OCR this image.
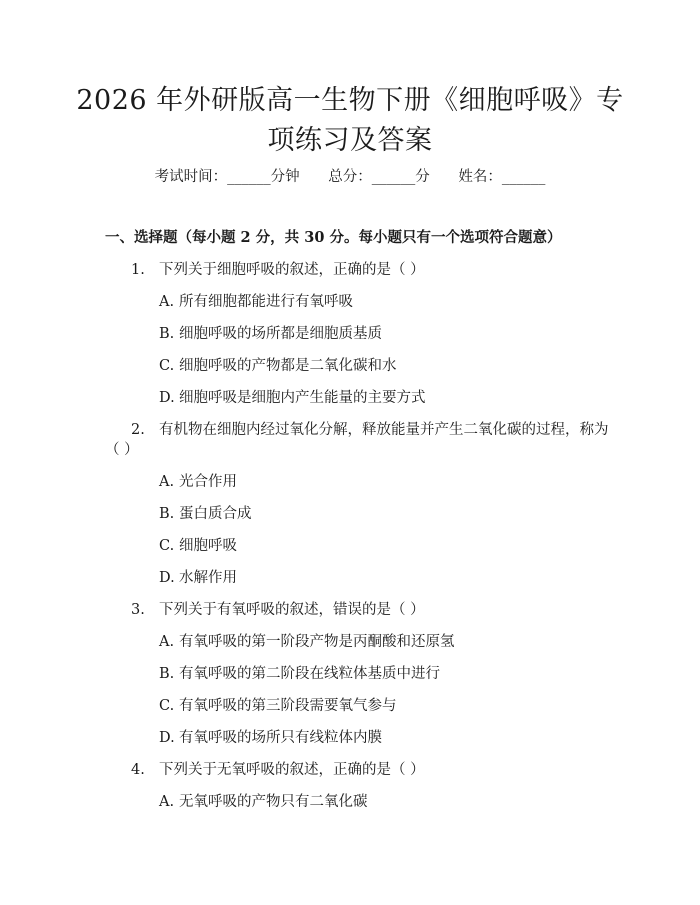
2026 年外研版高一生物下册《细胞呼吸》专
项练习及答案
考试时间：______分钟 总分：______分 姓名：______
一、选择题（每小题 2 分，共 30 分。每小题只有一个选项符合题意）
1. 下列关于细胞呼吸的叙述，正确的是（ ）
A. 所有细胞都能进行有氧呼吸
B. 细胞呼吸的场所都是细胞质基质
C. 细胞呼吸的产物都是二氧化碳和水
D. 细胞呼吸是细胞内产生能量的主要方式
2. 有机物在细胞内经过氧化分解，释放能量并产生二氧化碳的过程，称为
（ ）
A. 光合作用
B. 蛋白质合成
C. 细胞呼吸
D. 水解作用
3. 下列关于有氧呼吸的叙述，错误的是（ ）
A. 有氧呼吸的第一阶段产物是丙酮酸和还原氢
B. 有氧呼吸的第二阶段在线粒体基质中进行
C. 有氧呼吸的第三阶段需要氧气参与
D. 有氧呼吸的场所只有线粒体内膜
4. 下列关于无氧呼吸的叙述，正确的是（ ）
A. 无氧呼吸的产物只有二氧化碳
